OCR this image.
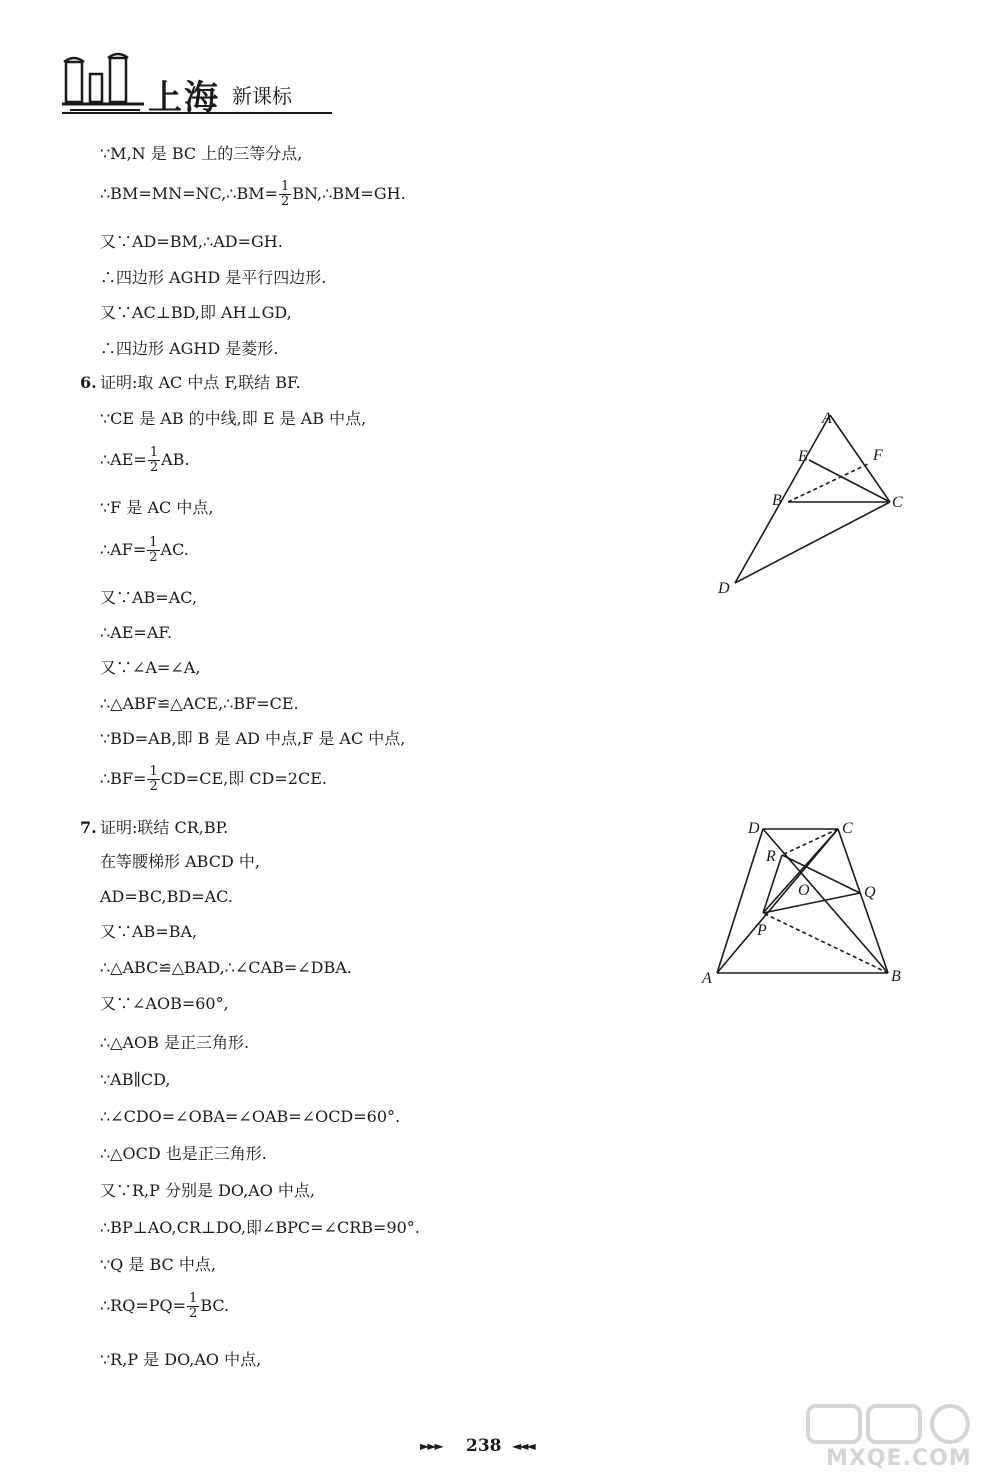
上海 新课标
∵M,N 是 BC 上的三等分点,
又∵AD=BM,∴AD=GH.
∴四边形 AGHD 是平行四边形.
又∵AC⊥BD,即 AH⊥GD,
∴四边形 AGHD 是菱形.
∵CE 是 AB 的中线,即 E 是 AB 中点,
∵F 是 AC 中点,
又∵AB=AC,
∴AE=AF.
又∵∠A=∠A,
∴△ABF≌△ACE,∴BF=CE.
∵BD=AB,即 B 是 AD 中点,F 是 AC 中点,
在等腰梯形 ABCD 中,
AD=BC,BD=AC.
又∵AB=BA,
∴△ABC≌△BAD,∴∠CAB=∠DBA.
又∵∠AOB=60°,
∴△AOB 是正三角形.
∵AB∥CD,
∴∠CDO=∠OBA=∠OAB=∠OCD=60°.
∴△OCD 也是正三角形.
又∵R,P 分别是 DO,AO 中点,
∴BP⊥AO,CR⊥DO,即∠BPC=∠CRB=90°.
∵Q 是 BC 中点,
∵R,P 是 DO,AO 中点,
∴BM=MN=NC,∴BM= $\frac{1}{2}$ BN,∴BM=GH.
∴AE= $\frac{1}{2}$ AB.
∴AF= $\frac{1}{2}$ AC.
∴BF= $\frac{1}{2} CD=CE$,即 CD=2CE.
∴RQ=PQ= $\frac{1}{2}$ BC.
6. 证明:取 AC 中点 F,联结 BF.
7. 证明:联结 CR,BP.
A
E	F
B	C
D
D	C
R
O	Q
P
A	B
►►► 238 ◄◄◄	MXQE.COM
